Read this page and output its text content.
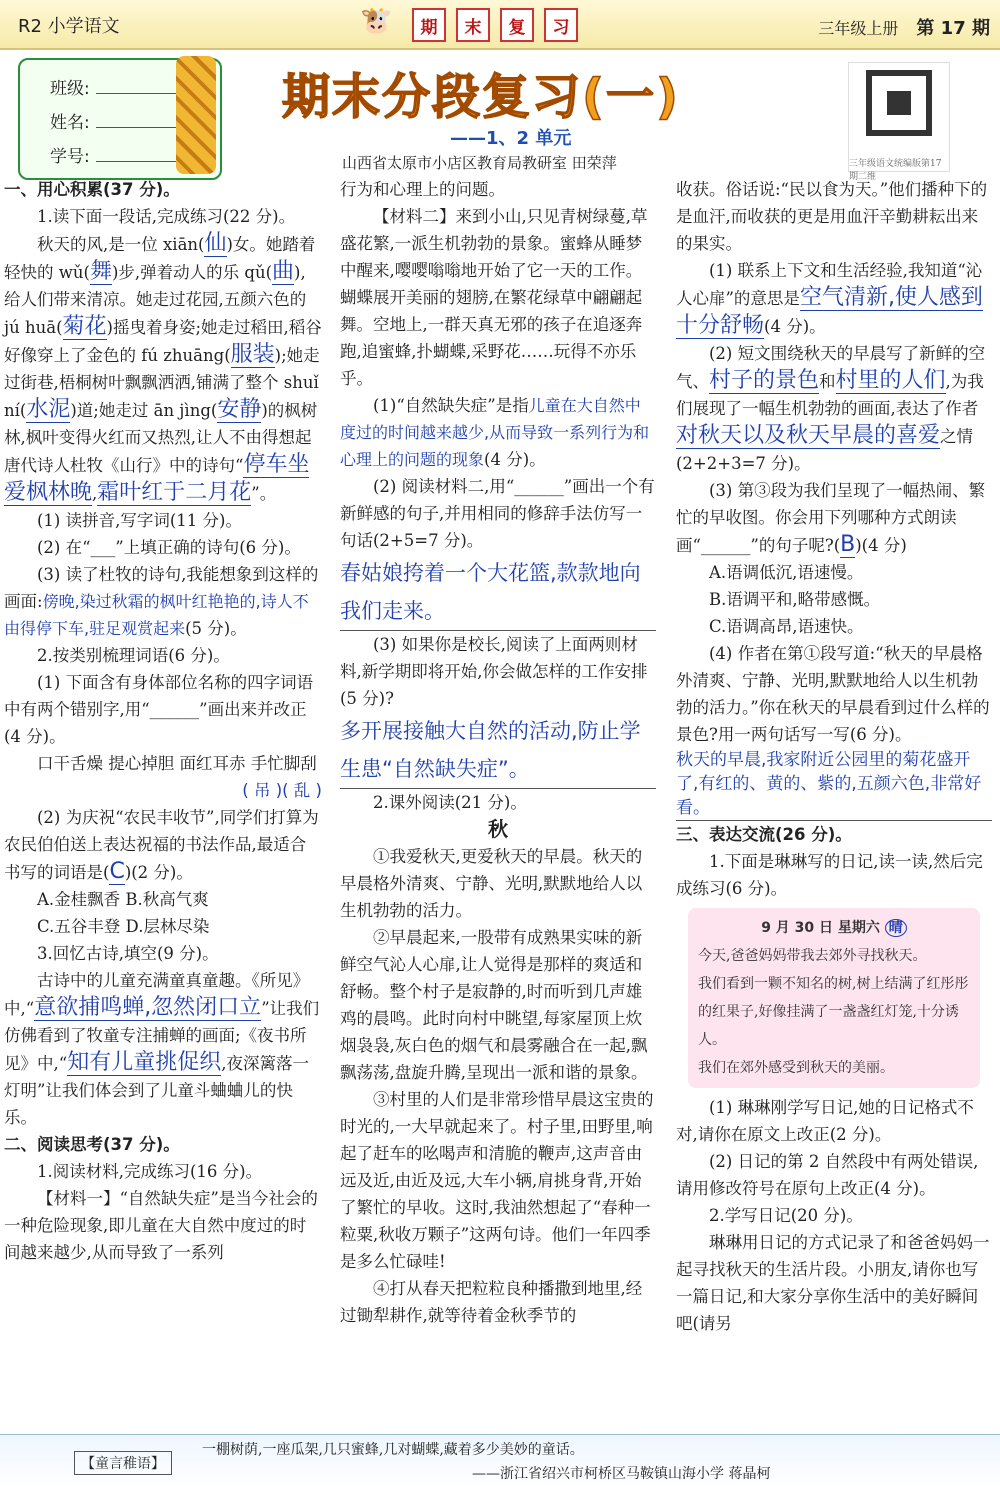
R2 小学语文	🐮	期	末	复	习	三年级上册 第 17 期
班级:
姓名:
学号:
期末分段复习(一)
——1、2 单元
山西省太原市小店区教育局教研室 田荣萍	三年级语文统编版第17期二维

一、用心积累(37 分)。

1.读下面一段话,完成练习(22 分)。

秋天的风,是一位 xiān(仙)女。她踏着轻快的 wǔ(舞)步,弹着动人的乐 qǔ(曲),给人们带来清凉。她走过花园,五颜六色的 jú huā(菊花)摇曳着身姿;她走过稻田,稻谷好像穿上了金色的 fú zhuāng(服装);她走过街巷,梧桐树叶飘飘洒洒,铺满了整个 shuǐ ní(水泥)道;她走过 ān jìng(安静)的枫树林,枫叶变得火红而又热烈,让人不由得想起唐代诗人杜牧《山行》中的诗句“停车坐爱枫林晚,霜叶红于二月花”。

(1) 读拼音,写字词(11 分)。

(2) 在“___”上填正确的诗句(6 分)。

(3) 读了杜牧的诗句,我能想象到这样的画面:傍晚,染过秋霜的枫叶红艳艳的,诗人不由得停下车,驻足观赏起来(5 分)。

2.按类别梳理词语(6 分)。

(1) 下面含有身体部位名称的四字词语中有两个错别字,用“______”画出来并改正(4 分)。

口干舌燥 提心掉胆 面红耳赤 手忙脚刮

( 吊 )( 乱 )

(2) 为庆祝“农民丰收节”,同学们打算为农民伯伯送上表达祝福的书法作品,最适合书写的词语是(C)(2 分)。

A.金桂飘香 B.秋高气爽

C.五谷丰登 D.层林尽染

3.回忆古诗,填空(9 分)。

古诗中的儿童充满童真童趣。《所见》中,“意欲捕鸣蝉,忽然闭口立”让我们仿佛看到了牧童专注捕蝉的画面;《夜书所见》中,“知有儿童挑促织,夜深篱落一灯明”让我们体会到了儿童斗蛐蛐儿的快乐。

二、阅读思考(37 分)。

1.阅读材料,完成练习(16 分)。

【材料一】“自然缺失症”是当今社会的一种危险现象,即儿童在大自然中度过的时间越来越少,从而导致了一系列

行为和心理上的问题。

【材料二】来到小山,只见青树绿蔓,草盛花繁,一派生机勃勃的景象。蜜蜂从睡梦中醒来,嘤嘤嗡嗡地开始了它一天的工作。蝴蝶展开美丽的翅膀,在繁花绿草中翩翩起舞。空地上,一群天真无邪的孩子在追逐奔跑,追蜜蜂,扑蝴蝶,采野花……玩得不亦乐乎。

(1)“自然缺失症”是指儿童在大自然中度过的时间越来越少,从而导致一系列行为和心理上的问题的现象(4 分)。

(2) 阅读材料二,用“______”画出一个有新鲜感的句子,并用相同的修辞手法仿写一句话(2+5=7 分)。

春姑娘挎着一个大花篮,款款地向我们走来。

(3) 如果你是校长,阅读了上面两则材料,新学期即将开始,你会做怎样的工作安排(5 分)?

多开展接触大自然的活动,防止学生患“自然缺失症”。

2.课外阅读(21 分)。

秋

①我爱秋天,更爱秋天的早晨。秋天的早晨格外清爽、宁静、光明,默默地给人以生机勃勃的活力。

②早晨起来,一股带有成熟果实味的新鲜空气沁人心扉,让人觉得是那样的爽适和舒畅。整个村子是寂静的,时而听到几声雄鸡的晨鸣。此时向村中眺望,每家屋顶上炊烟袅袅,灰白色的烟气和晨雾融合在一起,飘飘荡荡,盘旋升腾,呈现出一派和谐的景象。

③村里的人们是非常珍惜早晨这宝贵的时光的,一大早就起来了。村子里,田野里,响起了赶车的吆喝声和清脆的鞭声,这声音由远及近,由近及远,大车小辆,肩挑身背,开始了繁忙的早收。这时,我油然想起了“春种一粒粟,秋收万颗子”这两句诗。他们一年四季是多么忙碌哇!

④打从春天把粒粒良种播撒到地里,经过锄犁耕作,就等待着金秋季节的

收获。俗话说:“民以食为天。”他们播种下的是血汗,而收获的更是用血汗辛勤耕耘出来的果实。

(1) 联系上下文和生活经验,我知道“沁人心扉”的意思是空气清新,使人感到十分舒畅(4 分)。

(2) 短文围绕秋天的早晨写了新鲜的空气、村子的景色和村里的人们,为我们展现了一幅生机勃勃的画面,表达了作者对秋天以及秋天早晨的喜爱之情(2+2+3=7 分)。

(3) 第③段为我们呈现了一幅热闹、繁忙的早收图。你会用下列哪种方式朗读画“______”的句子呢?(B)(4 分)

A.语调低沉,语速慢。

B.语调平和,略带感慨。

C.语调高昂,语速快。

(4) 作者在第①段写道:“秋天的早晨格外清爽、宁静、光明,默默地给人以生机勃勃的活力。”你在秋天的早晨看到过什么样的景色?用一两句话写一写(6 分)。

秋天的早晨,我家附近公园里的菊花盛开了,有红的、黄的、紫的,五颜六色,非常好看。

三、表达交流(26 分)。

1.下面是琳琳写的日记,读一读,然后完成练习(6 分)。

9 月 30 日 星期六 晴
今天,爸爸妈妈带我去郊外寻找秋天。
我们看到一颗不知名的树,树上结满了红彤彤的红果子,好像挂满了一盏盏红灯笼,十分诱人。
我们在郊外感受到秋天的美丽。

(1) 琳琳刚学写日记,她的日记格式不对,请你在原文上改正(2 分)。

(2) 日记的第 2 自然段中有两处错误,请用修改符号在原句上改正(4 分)。

2.学写日记(20 分)。

琳琳用日记的方式记录了和爸爸妈妈一起寻找秋天的生活片段。小朋友,请你也写一篇日记,和大家分享你生活中的美好瞬间吧(请另

【童言稚语】
一棚树荫,一座瓜架,几只蜜蜂,几对蝴蝶,藏着多少美妙的童话。
——浙江省绍兴市柯桥区马鞍镇山海小学 蒋晶柯
